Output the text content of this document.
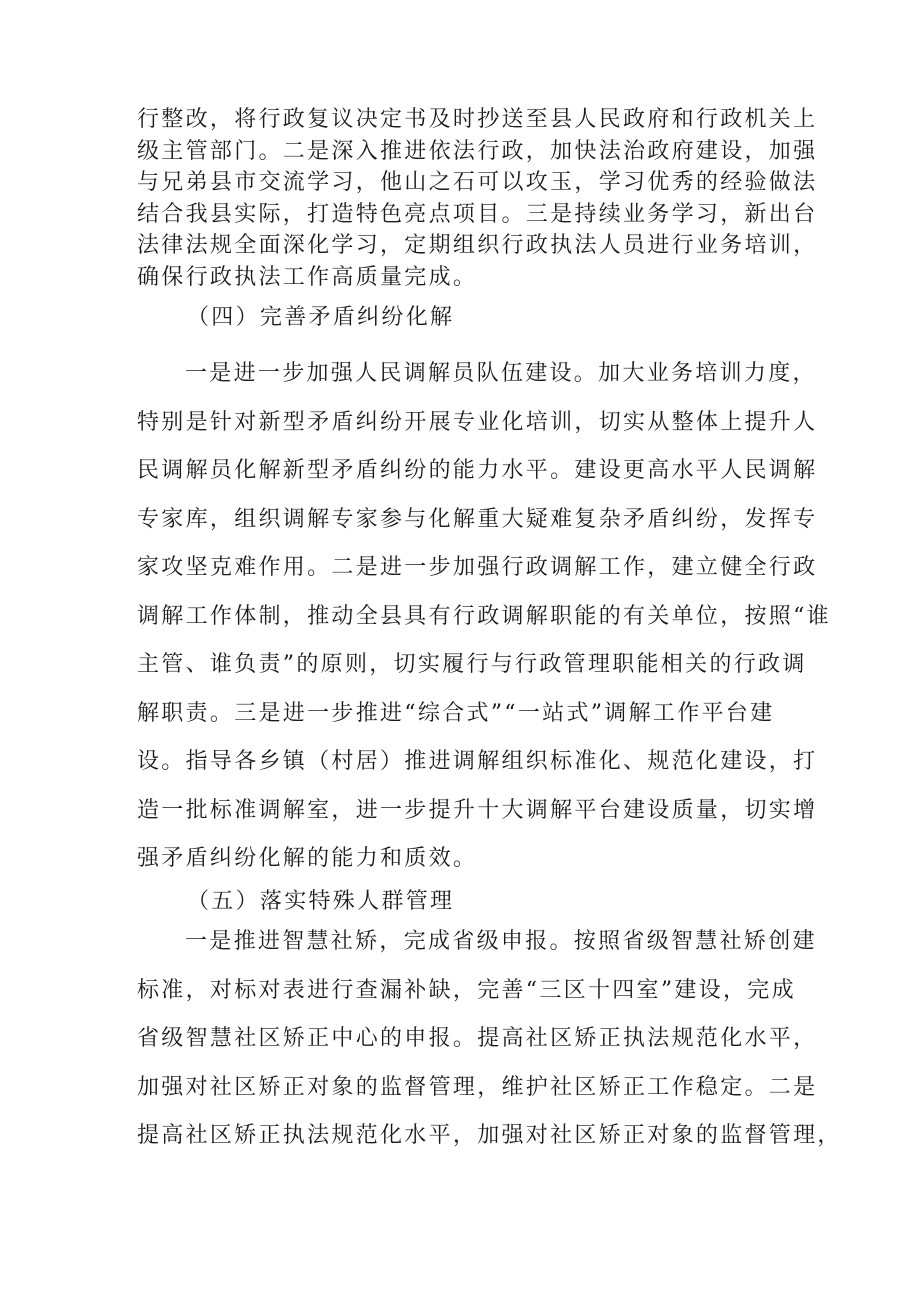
行整改，将行政复议决定书及时抄送至县人民政府和行政机关上
级主管部门。二是深入推进依法行政，加快法治政府建设，加强
与兄弟县市交流学习，他山之石可以攻玉，学习优秀的经验做法
结合我县实际，打造特色亮点项目。三是持续业务学习，新出台
法律法规全面深化学习，定期组织行政执法人员进行业务培训，
确保行政执法工作高质量完成。
（四）完善矛盾纠纷化解
一是进一步加强人民调解员队伍建设。加大业务培训力度，
特别是针对新型矛盾纠纷开展专业化培训，切实从整体上提升人
民调解员化解新型矛盾纠纷的能力水平。建设更高水平人民调解
专家库，组织调解专家参与化解重大疑难复杂矛盾纠纷，发挥专
家攻坚克难作用。二是进一步加强行政调解工作，建立健全行政
调解工作体制，推动全县具有行政调解职能的有关单位，按照“谁
主管、谁负责”的原则，切实履行与行政管理职能相关的行政调
解职责。三是进一步推进“综合式”“一站式”调解工作平台建
设。指导各乡镇（村居）推进调解组织标准化、规范化建设，打
造一批标准调解室，进一步提升十大调解平台建设质量，切实增
强矛盾纠纷化解的能力和质效。
（五）落实特殊人群管理
一是推进智慧社矫，完成省级申报。按照省级智慧社矫创建
标准，对标对表进行查漏补缺，完善“三区十四室”建设，完成
省级智慧社区矫正中心的申报。提高社区矫正执法规范化水平，
加强对社区矫正对象的监督管理，维护社区矫正工作稳定。二是
提高社区矫正执法规范化水平，加强对社区矫正对象的监督管理，
